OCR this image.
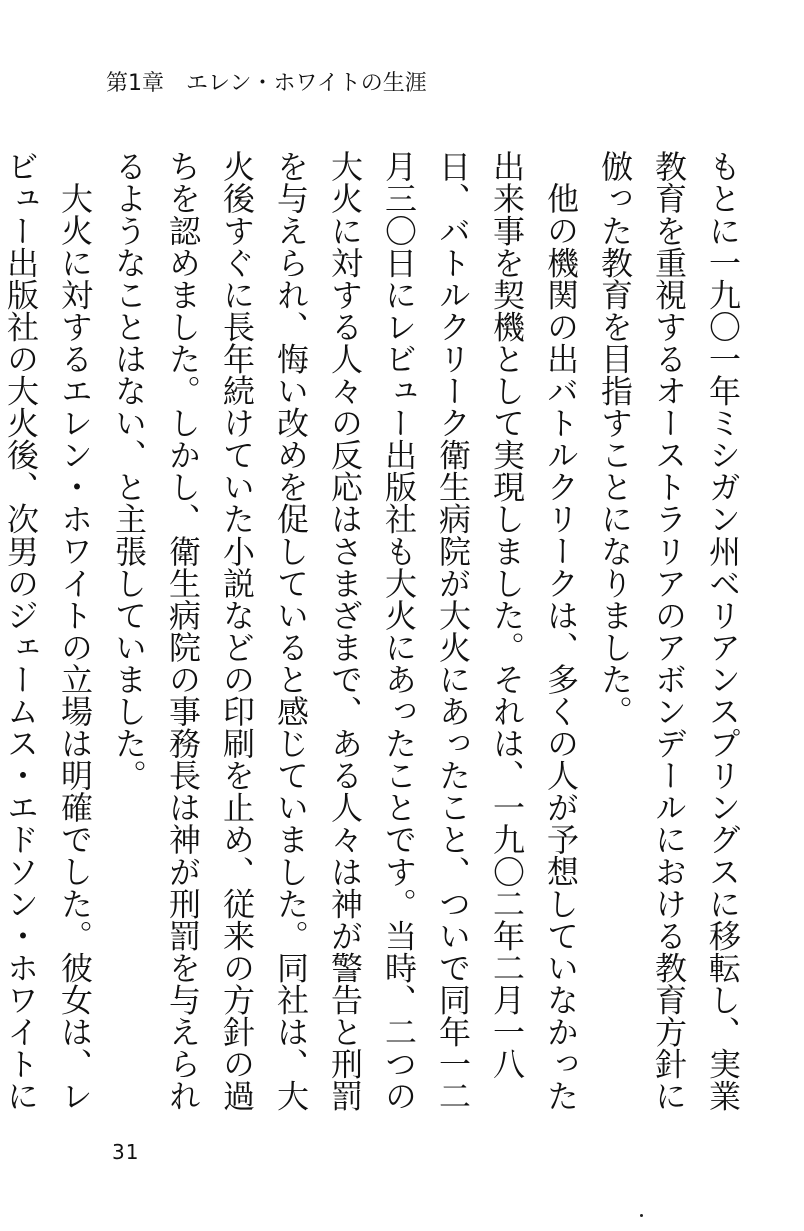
第1章 エレン・ホワイトの生涯

もとに一九〇一年ミシガン州ベリアンスプリングスに移転し、実業教育を重視するオーストラリアのアボンデールにおける教育方針に倣った教育を目指すことになりました。

他の機関の出バトルクリークは、多くの人が予想していなかった出来事を契機として実現しました。それは、一九〇二年二月一八日、バトルクリーク衛生病院が大火にあったこと、ついで同年一二月三〇日にレビュー出版社も大火にあったことです。当時、二つの大火に対する人々の反応はさまざまで、ある人々は神が警告と刑罰を与えられ、悔い改めを促していると感じていました。同社は、大火後すぐに長年続けていた小説などの印刷を止め、従来の方針の過ちを認めました。しかし、衛生病院の事務長は神が刑罰を与えられるようなことはない、と主張していました。

大火に対するエレン・ホワイトの立場は明確でした。彼女は、レビュー出版社の大火後、次男のジェームス・エドソン・ホワイトに

31
